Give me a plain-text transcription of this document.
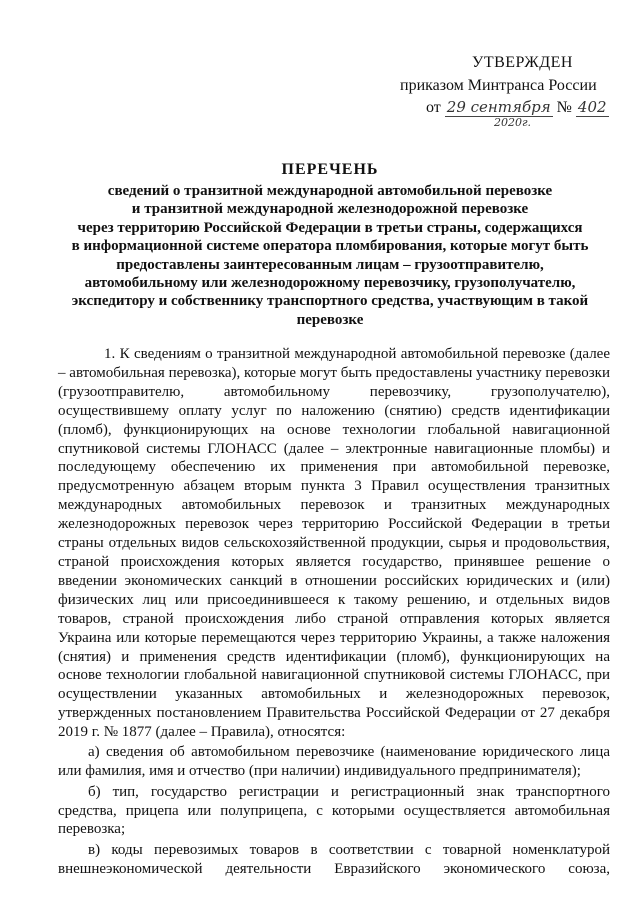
УТВЕРЖДЕН
приказом Минтранса России
от 29 сентября № 402
2020г.
ПЕРЕЧЕНЬ
сведений о транзитной международной автомобильной перевозке
и транзитной международной железнодорожной перевозке
через территорию Российской Федерации в третьи страны, содержащихся
в информационной системе оператора пломбирования, которые могут быть
предоставлены заинтересованным лицам – грузоотправителю,
автомобильному или железнодорожному перевозчику, грузополучателю,
экспедитору и собственнику транспортного средства, участвующим в такой
перевозке

1. К сведениям о транзитной международной автомобильной перевозке (далее – автомобильная перевозка), которые могут быть предоставлены участнику перевозки (грузоотправителю, автомобильному перевозчику, грузополучателю), осуществившему оплату услуг по наложению (снятию) средств идентификации (пломб), функционирующих на основе технологии глобальной навигационной спутниковой системы ГЛОНАСС (далее – электронные навигационные пломбы) и последующему обеспечению их применения при автомобильной перевозке, предусмотренную абзацем вторым пункта 3 Правил осуществления транзитных международных автомобильных перевозок и транзитных международных железнодорожных перевозок через территорию Российской Федерации в третьи страны отдельных видов сельскохозяйственной продукции, сырья и продовольствия, страной происхождения которых является государство, принявшее решение о введении экономических санкций в отношении российских юридических и (или) физических лиц или присоединившееся к такому решению, и отдельных видов товаров, страной происхождения либо страной отправления которых является Украина или которые перемещаются через территорию Украины, а также наложения (снятия) и применения средств идентификации (пломб), функционирующих на основе технологии глобальной навигационной спутниковой системы ГЛОНАСС, при осуществлении указанных автомобильных и железнодорожных перевозок, утвержденных постановлением Правительства Российской Федерации от 27 декабря 2019 г. № 1877 (далее – Правила), относятся:

а) сведения об автомобильном перевозчике (наименование юридического лица или фамилия, имя и отчество (при наличии) индивидуального предпринимателя);

б) тип, государство регистрации и регистрационный знак транспортного средства, прицепа или полуприцепа, с которыми осуществляется автомобильная перевозка;

в) коды перевозимых товаров в соответствии с товарной номенклатурой внешнеэкономической деятельности Евразийского экономического союза,
